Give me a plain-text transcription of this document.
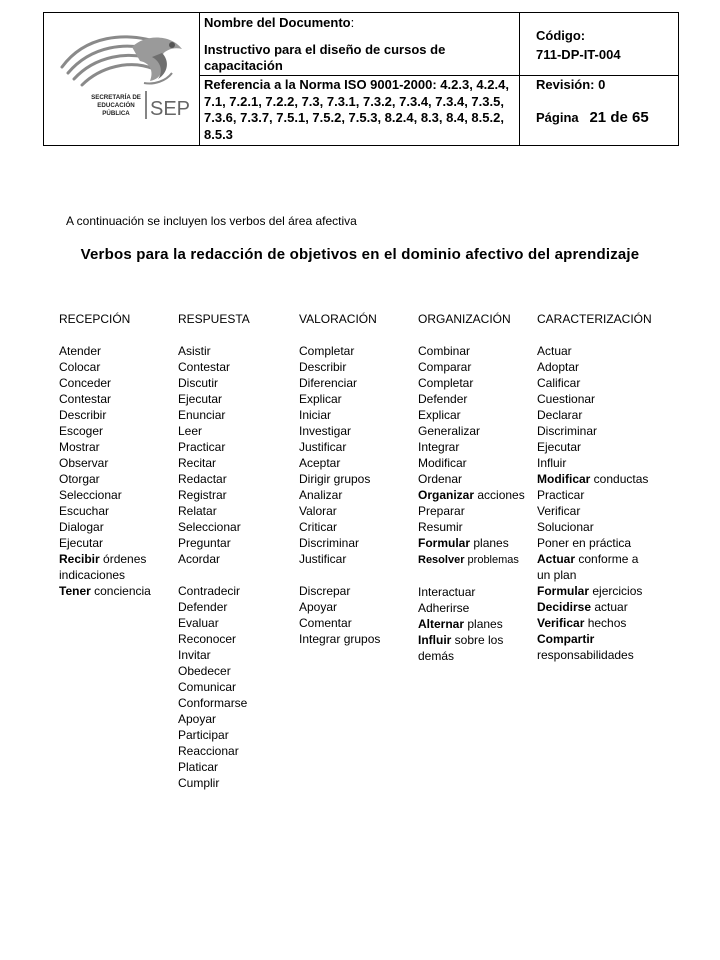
SECRETARÍA DE
EDUCACIÓN
PÚBLICA SEP
Nombre del Documento:
Instructivo para el diseño de cursos de capacitación
Referencia a la Norma ISO 9001-2000: 4.2.3, 4.2.4, 7.1, 7.2.1, 7.2.2, 7.3, 7.3.1, 7.3.2, 7.3.4, 7.3.4, 7.3.5, 7.3.6, 7.3.7, 7.5.1, 7.5.2, 7.5.3, 8.2.4, 8.3, 8.4, 8.5.2, 8.5.3
Código:
711-DP-IT-004
Revisión: 0
Página 21 de 65
A continuación se incluyen los verbos del área afectiva
Verbos para la redacción de objetivos en el dominio afectivo del aprendizaje
RECEPCIÓN
Atender
Colocar
Conceder
Contestar
Describir
Escoger
Mostrar
Observar
Otorgar
Seleccionar
Escuchar
Dialogar
Ejecutar
Recibir órdenes
indicaciones
Tener conciencia
RESPUESTA
Asistir
Contestar
Discutir
Ejecutar
Enunciar
Leer
Practicar
Recitar
Redactar
Registrar
Relatar
Seleccionar
Preguntar
Acordar
Contradecir
Defender
Evaluar
Reconocer
Invitar
Obedecer
Comunicar
Conformarse
Apoyar
Participar
Reaccionar
Platicar
Cumplir
VALORACIÓN
Completar
Describir
Diferenciar
Explicar
Iniciar
Investigar
Justificar
Aceptar
Dirigir grupos
Analizar
Valorar
Criticar
Discriminar
Justificar
Discrepar
Apoyar
Comentar
Integrar grupos
ORGANIZACIÓN
Combinar
Comparar
Completar
Defender
Explicar
Generalizar
Integrar
Modificar
Ordenar
Organizar acciones
Preparar
Resumir
Formular planes
Resolver problemas
Interactuar
Adherirse
Alternar planes
Influir sobre los
demás
CARACTERIZACIÓN
Actuar
Adoptar
Calificar
Cuestionar
Declarar
Discriminar
Ejecutar
Influir
Modificar conductas
Practicar
Verificar
Solucionar
Poner en práctica
Actuar conforme a
un plan
Formular ejercicios
Decidirse actuar
Verificar hechos
Compartir
responsabilidades
